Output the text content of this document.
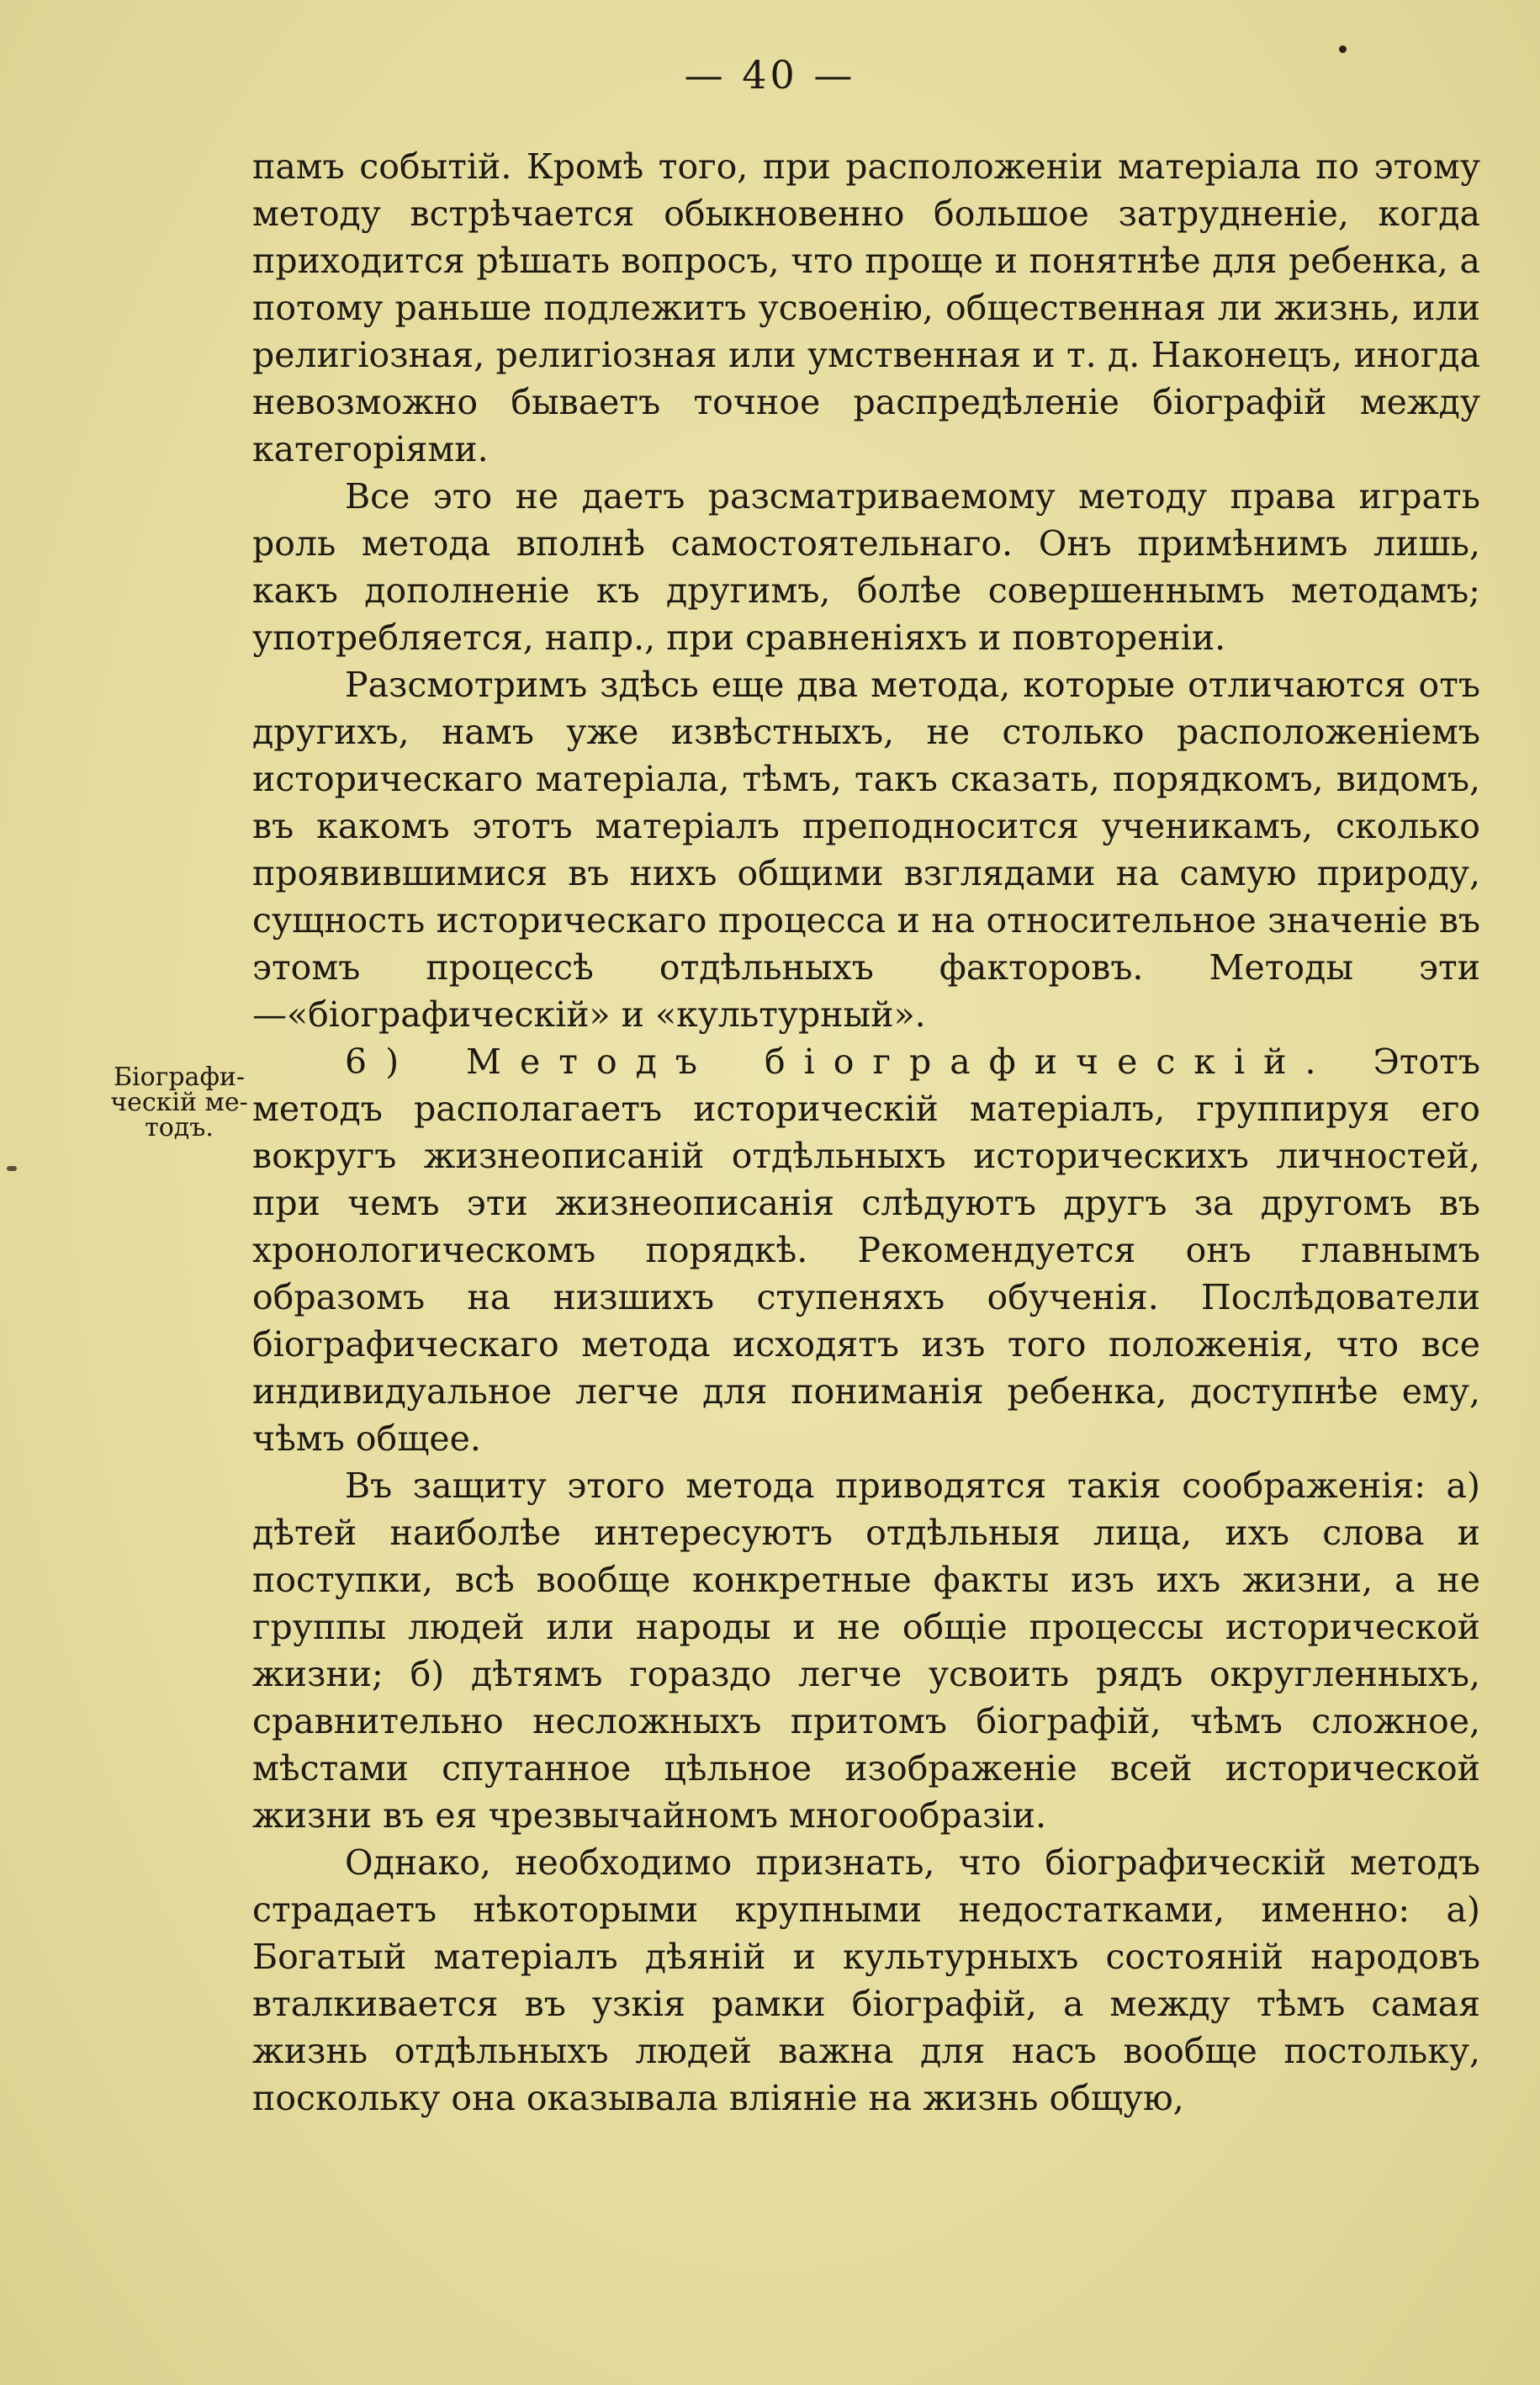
— 40 —
Біографи-ческій ме-тодъ.

памъ событій. Кромѣ того, при расположеніи матеріала по этому методу встрѣчается обыкновенно большое затрудненіе, когда приходится рѣшать вопросъ, что проще и понятнѣе для ребенка, а потому раньше подлежитъ усвоенію, общественная ли жизнь, или религіозная, религіозная или умственная и т. д. Наконецъ, иногда невозможно бываетъ точное распредѣленіе біографій между категоріями.

Все это не даетъ разсматриваемому методу права играть роль метода вполнѣ самостоятельнаго. Онъ примѣнимъ лишь, какъ дополненіе къ другимъ, болѣе совершеннымъ методамъ; употребляется, напр., при сравненіяхъ и повтореніи.

Разсмотримъ здѣсь еще два метода, которые отличаются отъ другихъ, намъ уже извѣстныхъ, не столько расположеніемъ историческаго матеріала, тѣмъ, такъ сказать, порядкомъ, видомъ, въ какомъ этотъ матеріалъ преподносится ученикамъ, сколько проявившимися въ нихъ общими взглядами на самую природу, сущность историческаго процесса и на относительное значеніе въ этомъ процессѣ отдѣльныхъ факторовъ. Методы эти—«біографическій» и «культурный».

6) Методъ біографическій. Этотъ методъ располагаетъ историческій матеріалъ, группируя его вокругъ жизнеописаній отдѣльныхъ историческихъ личностей, при чемъ эти жизнеописанія слѣдуютъ другъ за другомъ въ хронологическомъ порядкѣ. Рекомендуется онъ главнымъ образомъ на низшихъ ступеняхъ обученія. Послѣдователи біографическаго метода исходятъ изъ того положенія, что все индивидуальное легче для пониманія ребенка, доступнѣе ему, чѣмъ общее.

Въ защиту этого метода приводятся такія соображенія: а) дѣтей наиболѣе интересуютъ отдѣльныя лица, ихъ слова и поступки, всѣ вообще конкретные факты изъ ихъ жизни, а не группы людей или народы и не общіе процессы исторической жизни; б) дѣтямъ гораздо легче усвоить рядъ округленныхъ, сравнительно несложныхъ притомъ біографій, чѣмъ сложное, мѣстами спутанное цѣльное изображеніе всей исторической жизни въ ея чрезвычайномъ многообразіи.

Однако, необходимо признать, что біографическій методъ страдаетъ нѣкоторыми крупными недостатками, именно: а) Богатый матеріалъ дѣяній и культурныхъ состояній народовъ вталкивается въ узкія рамки біографій, а между тѣмъ самая жизнь отдѣльныхъ людей важна для насъ вообще постольку, поскольку она оказывала вліяніе на жизнь общую,
